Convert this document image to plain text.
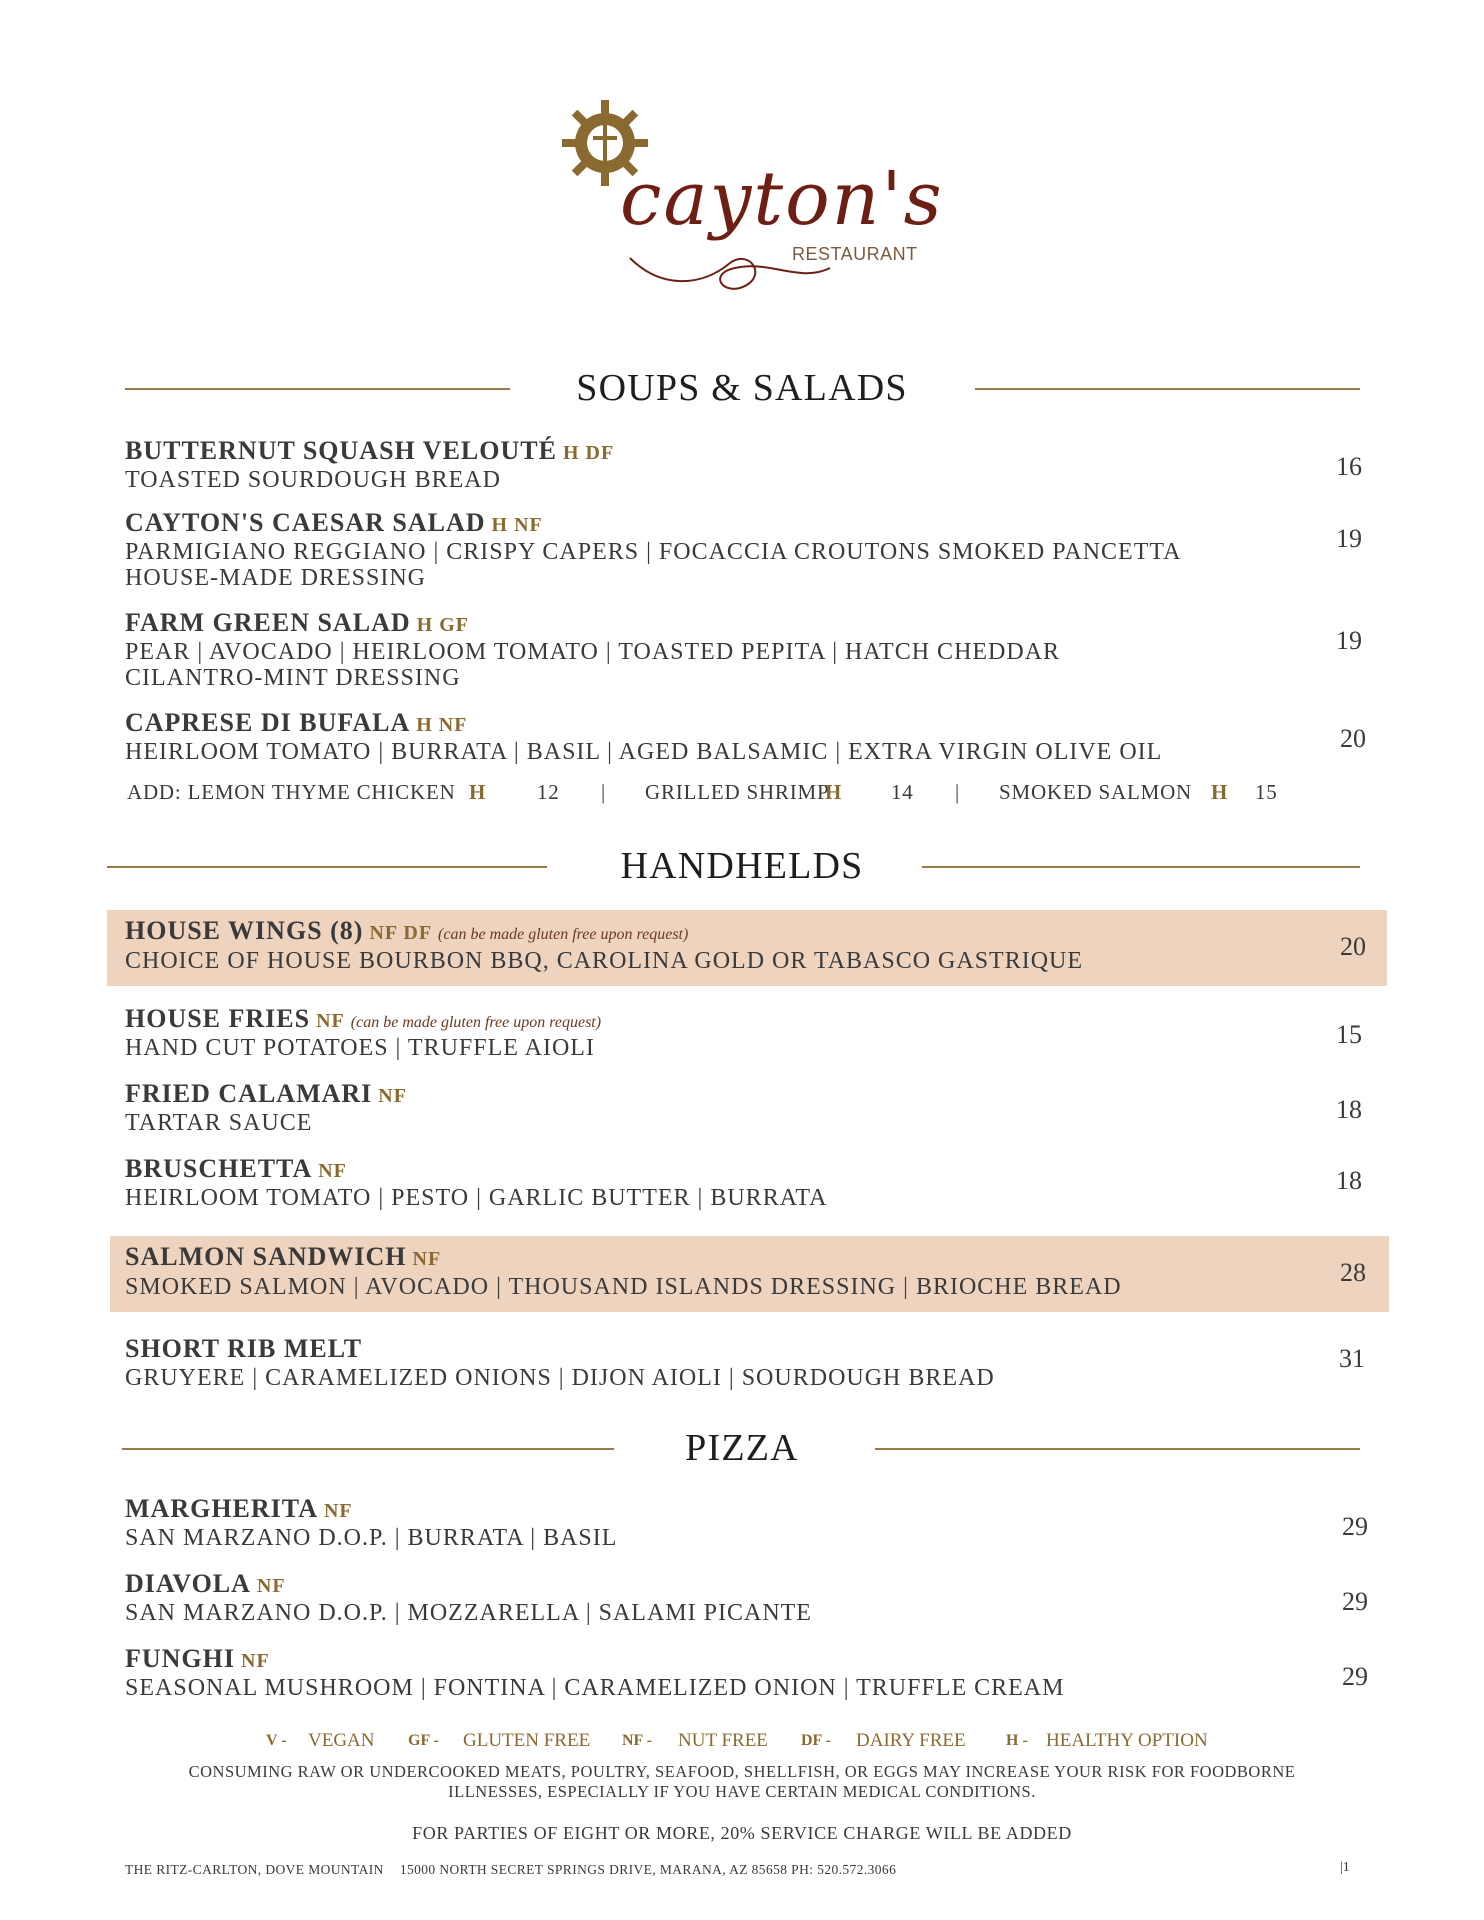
cayton's
RESTAURANT
SOUPS & SALADS
BUTTERNUT SQUASH VELOUTÉ H DF
TOASTED SOURDOUGH BREAD	16
CAYTON'S CAESAR SALAD H NF
PARMIGIANO REGGIANO | CRISPY CAPERS | FOCACCIA CROUTONS SMOKED PANCETTA HOUSE-MADE DRESSING
19
FARM GREEN SALAD H GF
PEAR | AVOCADO | HEIRLOOM TOMATO | TOASTED PEPITA | HATCH CHEDDAR CILANTRO-MINT DRESSING
19
CAPRESE DI BUFALA H NF
HEIRLOOM TOMATO | BURRATA | BASIL | AGED BALSAMIC | EXTRA VIRGIN OLIVE OIL	20
ADD: LEMON THYME CHICKEN H 12 | GRILLED SHRIMP
H 14 | SMOKED SALMON H 15
HANDHELDS
HOUSE WINGS (8) NF DF (can be made gluten free upon request)
CHOICE OF HOUSE BOURBON BBQ, CAROLINA GOLD OR TABASCO GASTRIQUE	20
HOUSE FRIES NF (can be made gluten free upon request)
HAND CUT POTATOES | TRUFFLE AIOLI	15
FRIED CALAMARI NF
TARTAR SAUCE	18
BRUSCHETTA NF
HEIRLOOM TOMATO | PESTO | GARLIC BUTTER | BURRATA
18
SALMON SANDWICH NF
SMOKED SALMON | AVOCADO | THOUSAND ISLANDS DRESSING | BRIOCHE BREAD	28
SHORT RIB MELT
GRUYERE | CARAMELIZED ONIONS | DIJON AIOLI | SOURDOUGH BREAD
31
PIZZA
MARGHERITA NF
SAN MARZANO D.O.P. | BURRATA | BASIL	29
DIAVOLA NF
SAN MARZANO D.O.P. | MOZZARELLA | SALAMI PICANTE	29
FUNGHI NF
SEASONAL MUSHROOM | FONTINA | CARAMELIZED ONION | TRUFFLE CREAM	29
V - VEGAN GF - GLUTEN FREE NF - NUT FREE DF - DAIRY FREE	H - HEALTHY OPTION
CONSUMING RAW OR UNDERCOOKED MEATS, POULTRY, SEAFOOD, SHELLFISH, OR EGGS MAY INCREASE YOUR RISK FOR FOODBORNE ILLNESSES, ESPECIALLY IF YOU HAVE CERTAIN MEDICAL CONDITIONS.
FOR PARTIES OF EIGHT OR MORE, 20% SERVICE CHARGE WILL BE ADDED
THE RITZ-CARLTON, DOVE MOUNTAIN 15000 NORTH SECRET SPRINGS DRIVE, MARANA, AZ 85658 PH: 520.572.3066	|1
